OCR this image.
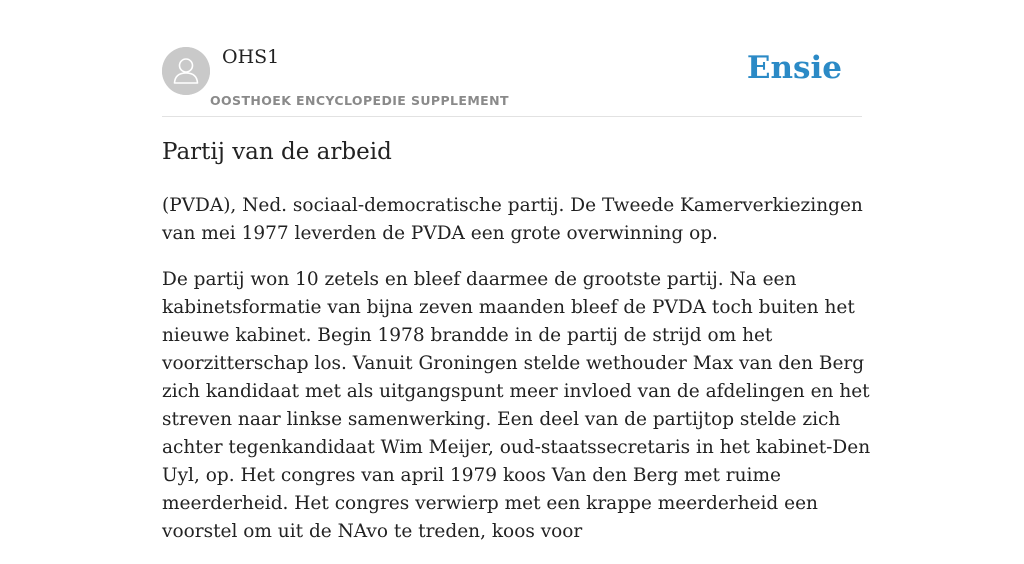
OHS1
OOSTHOEK ENCYCLOPEDIE SUPPLEMENT
Ensie
Partij van de arbeid

(PVDA), Ned. sociaal-democratische partij. De Tweede Kamerverkiezingen van mei 1977 leverden de PVDA een grote overwinning op.

De partij won 10 zetels en bleef daarmee de grootste partij. Na een kabinetsformatie van bijna zeven maanden bleef de PVDA toch buiten het nieuwe kabinet. Begin 1978 brandde in de partij de strijd om het voorzitterschap los. Vanuit Groningen stelde wethouder Max van den Berg zich kandidaat met als uitgangspunt meer invloed van de afdelingen en het streven naar linkse samenwerking. Een deel van de partijtop stelde zich achter tegenkandidaat Wim Meijer, oud-staatssecretaris in het kabinet-Den Uyl, op. Het congres van april 1979 koos Van den Berg met ruime meerderheid. Het congres verwierp met een krappe meerderheid een voorstel om uit de NAvo te treden, koos voor
